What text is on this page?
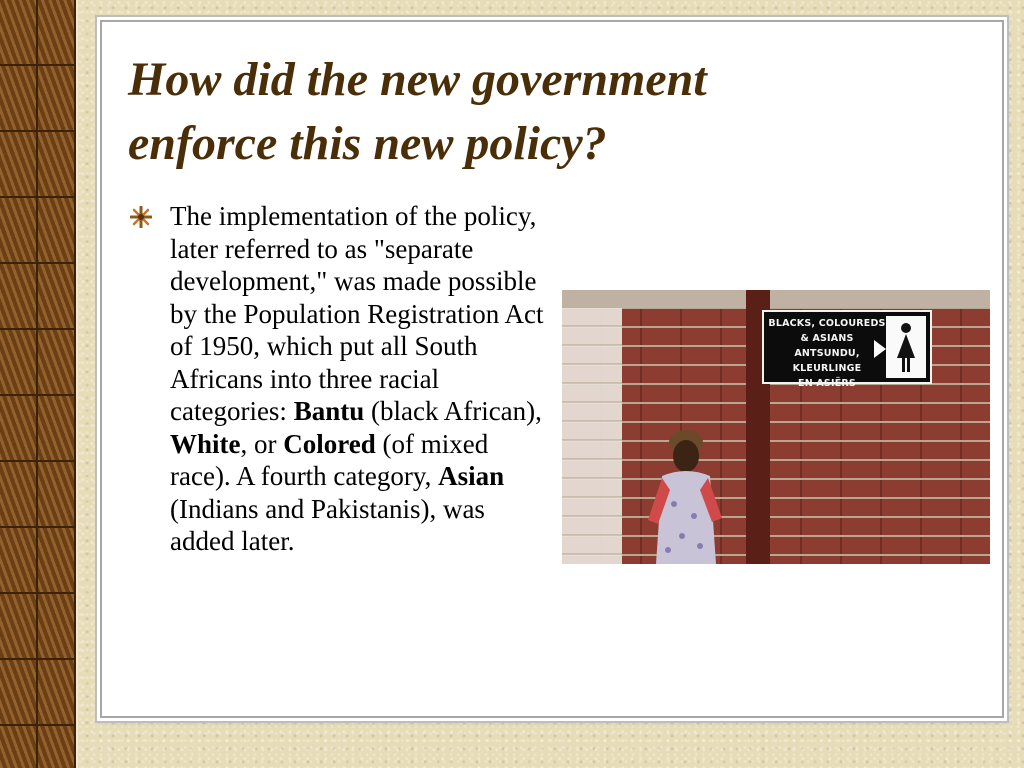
How did the new government
enforce this new policy?

The implementation of the policy, later referred to as "separate development," was made possible by the Population Registration Act of 1950, which put all South Africans into three racial categories: Bantu (black African), White, or Colored (of mixed race). A fourth category, Asian (Indians and Pakistanis), was added later.

BLACKS, COLOUREDS
& ASIANS
ANTSUNDU, KLEURLINGE
EN ASIËRS
